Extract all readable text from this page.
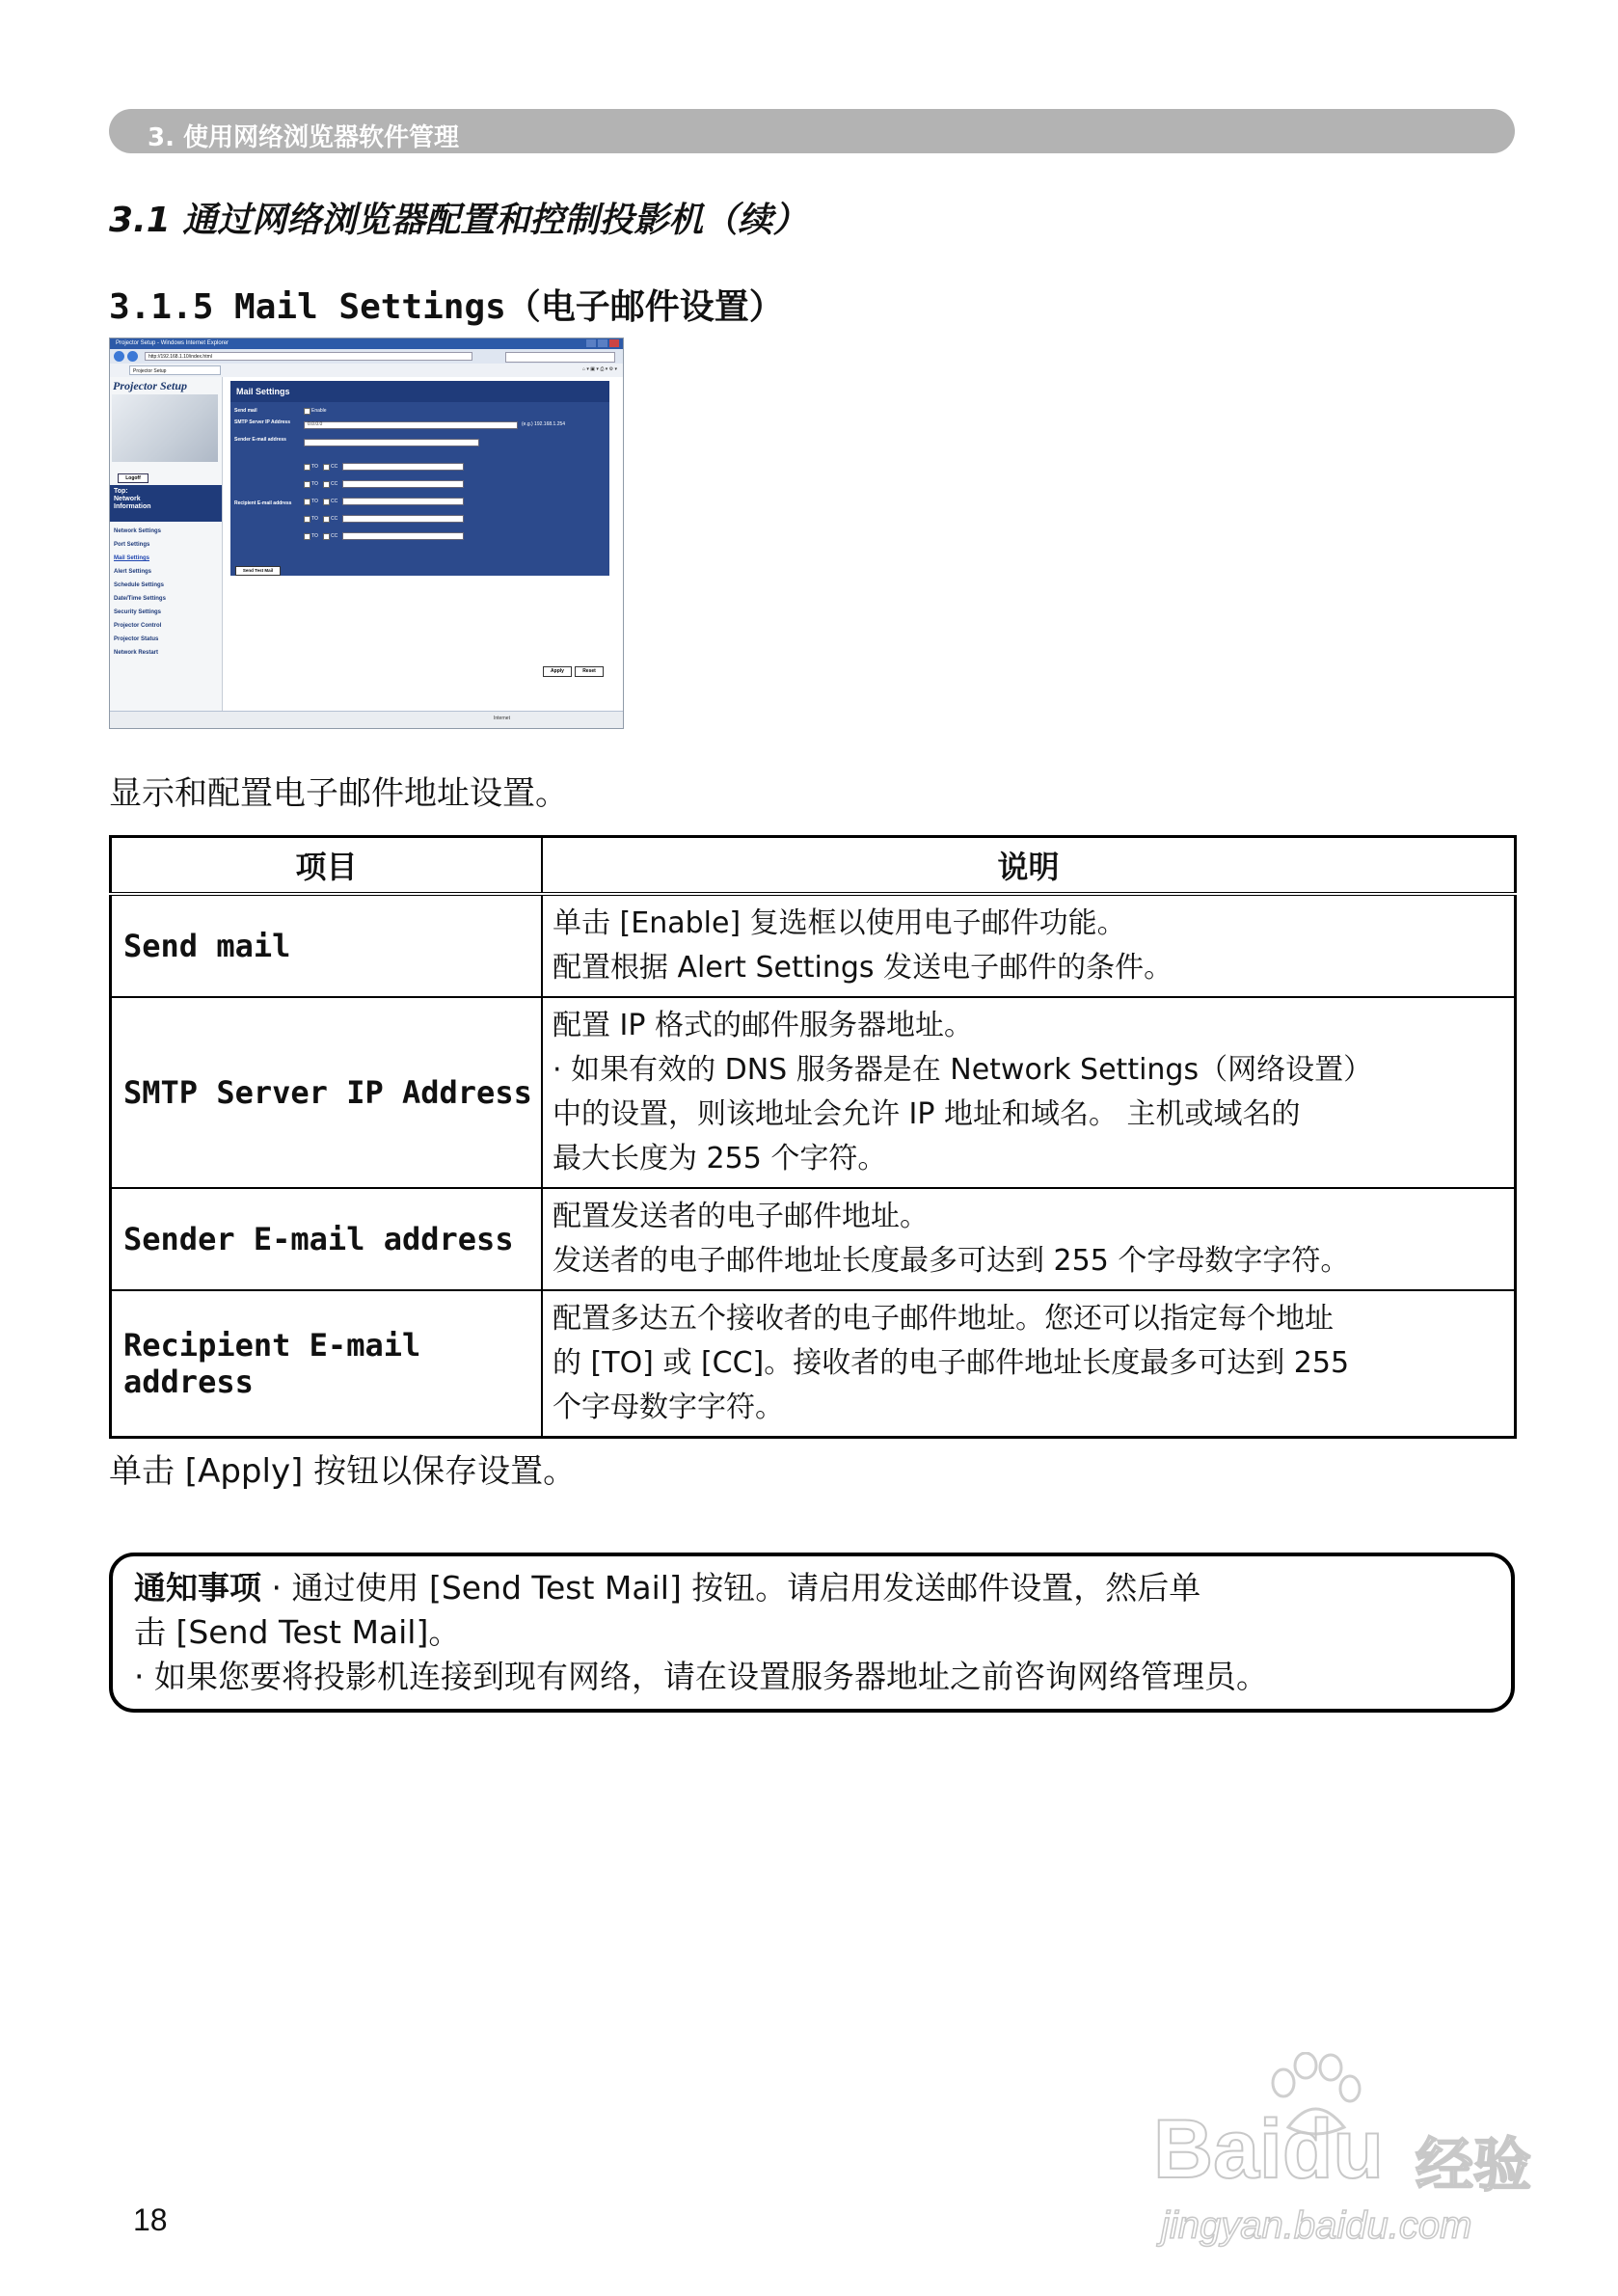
3. 使用网络浏览器软件管理
3.1 通过网络浏览器配置和控制投影机（续）
3.1.5 Mail Settings（电子邮件设置）
Projector Setup - Windows Internet Explorer
http://192.168.1.10/index.html
Projector Setup	⌂ ▾ ▣ ▾ ⎙ ▾ ⚙ ▾
Projector Setup
Logoff
Top:
Network
Information
Network Settings
Port Settings
Mail Settings
Alert Settings
Schedule Settings
Date/Time Settings
Security Settings
Projector Control
Projector Status
Network Restart
Mail Settings
Send mail	Enable
SMTP Server IP Address	0.0.0.0	(e.g.) 192.168.1.254
Sender E-mail address
Recipient E-mail address
TO	CC
TO	CC
TO	CC
TO	CC
TO	CC
Send Test Mail
Apply	Reset
Internet
显示和配置电子邮件地址设置。
项目	说明
Send mail	单击 [Enable] 复选框以使用电子邮件功能。
配置根据 Alert Settings 发送电子邮件的条件。

SMTP Server IP Address	配置 IP 格式的邮件服务器地址。
· 如果有效的 DNS 服务器是在 Network Settings（网络设置）
中的设置，则该地址会允许 IP 地址和域名。 主机或域名的
最大长度为 255 个字符。

Sender E-mail address	配置发送者的电子邮件地址。
发送者的电子邮件地址长度最多可达到 255 个字母数字字符。

Recipient E-mail address	配置多达五个接收者的电子邮件地址。您还可以指定每个地址
的 [TO] 或 [CC]。接收者的电子邮件地址长度最多可达到 255
个字母数字字符。
单击 [Apply] 按钮以保存设置。
通知事项 · 通过使用 [Send Test Mail] 按钮。请启用发送邮件设置，然后单
击 [Send Test Mail]。
· 如果您要将投影机连接到现有网络，请在设置服务器地址之前咨询网络管理员。
18
Baidu 经验
jingyan.baidu.com
